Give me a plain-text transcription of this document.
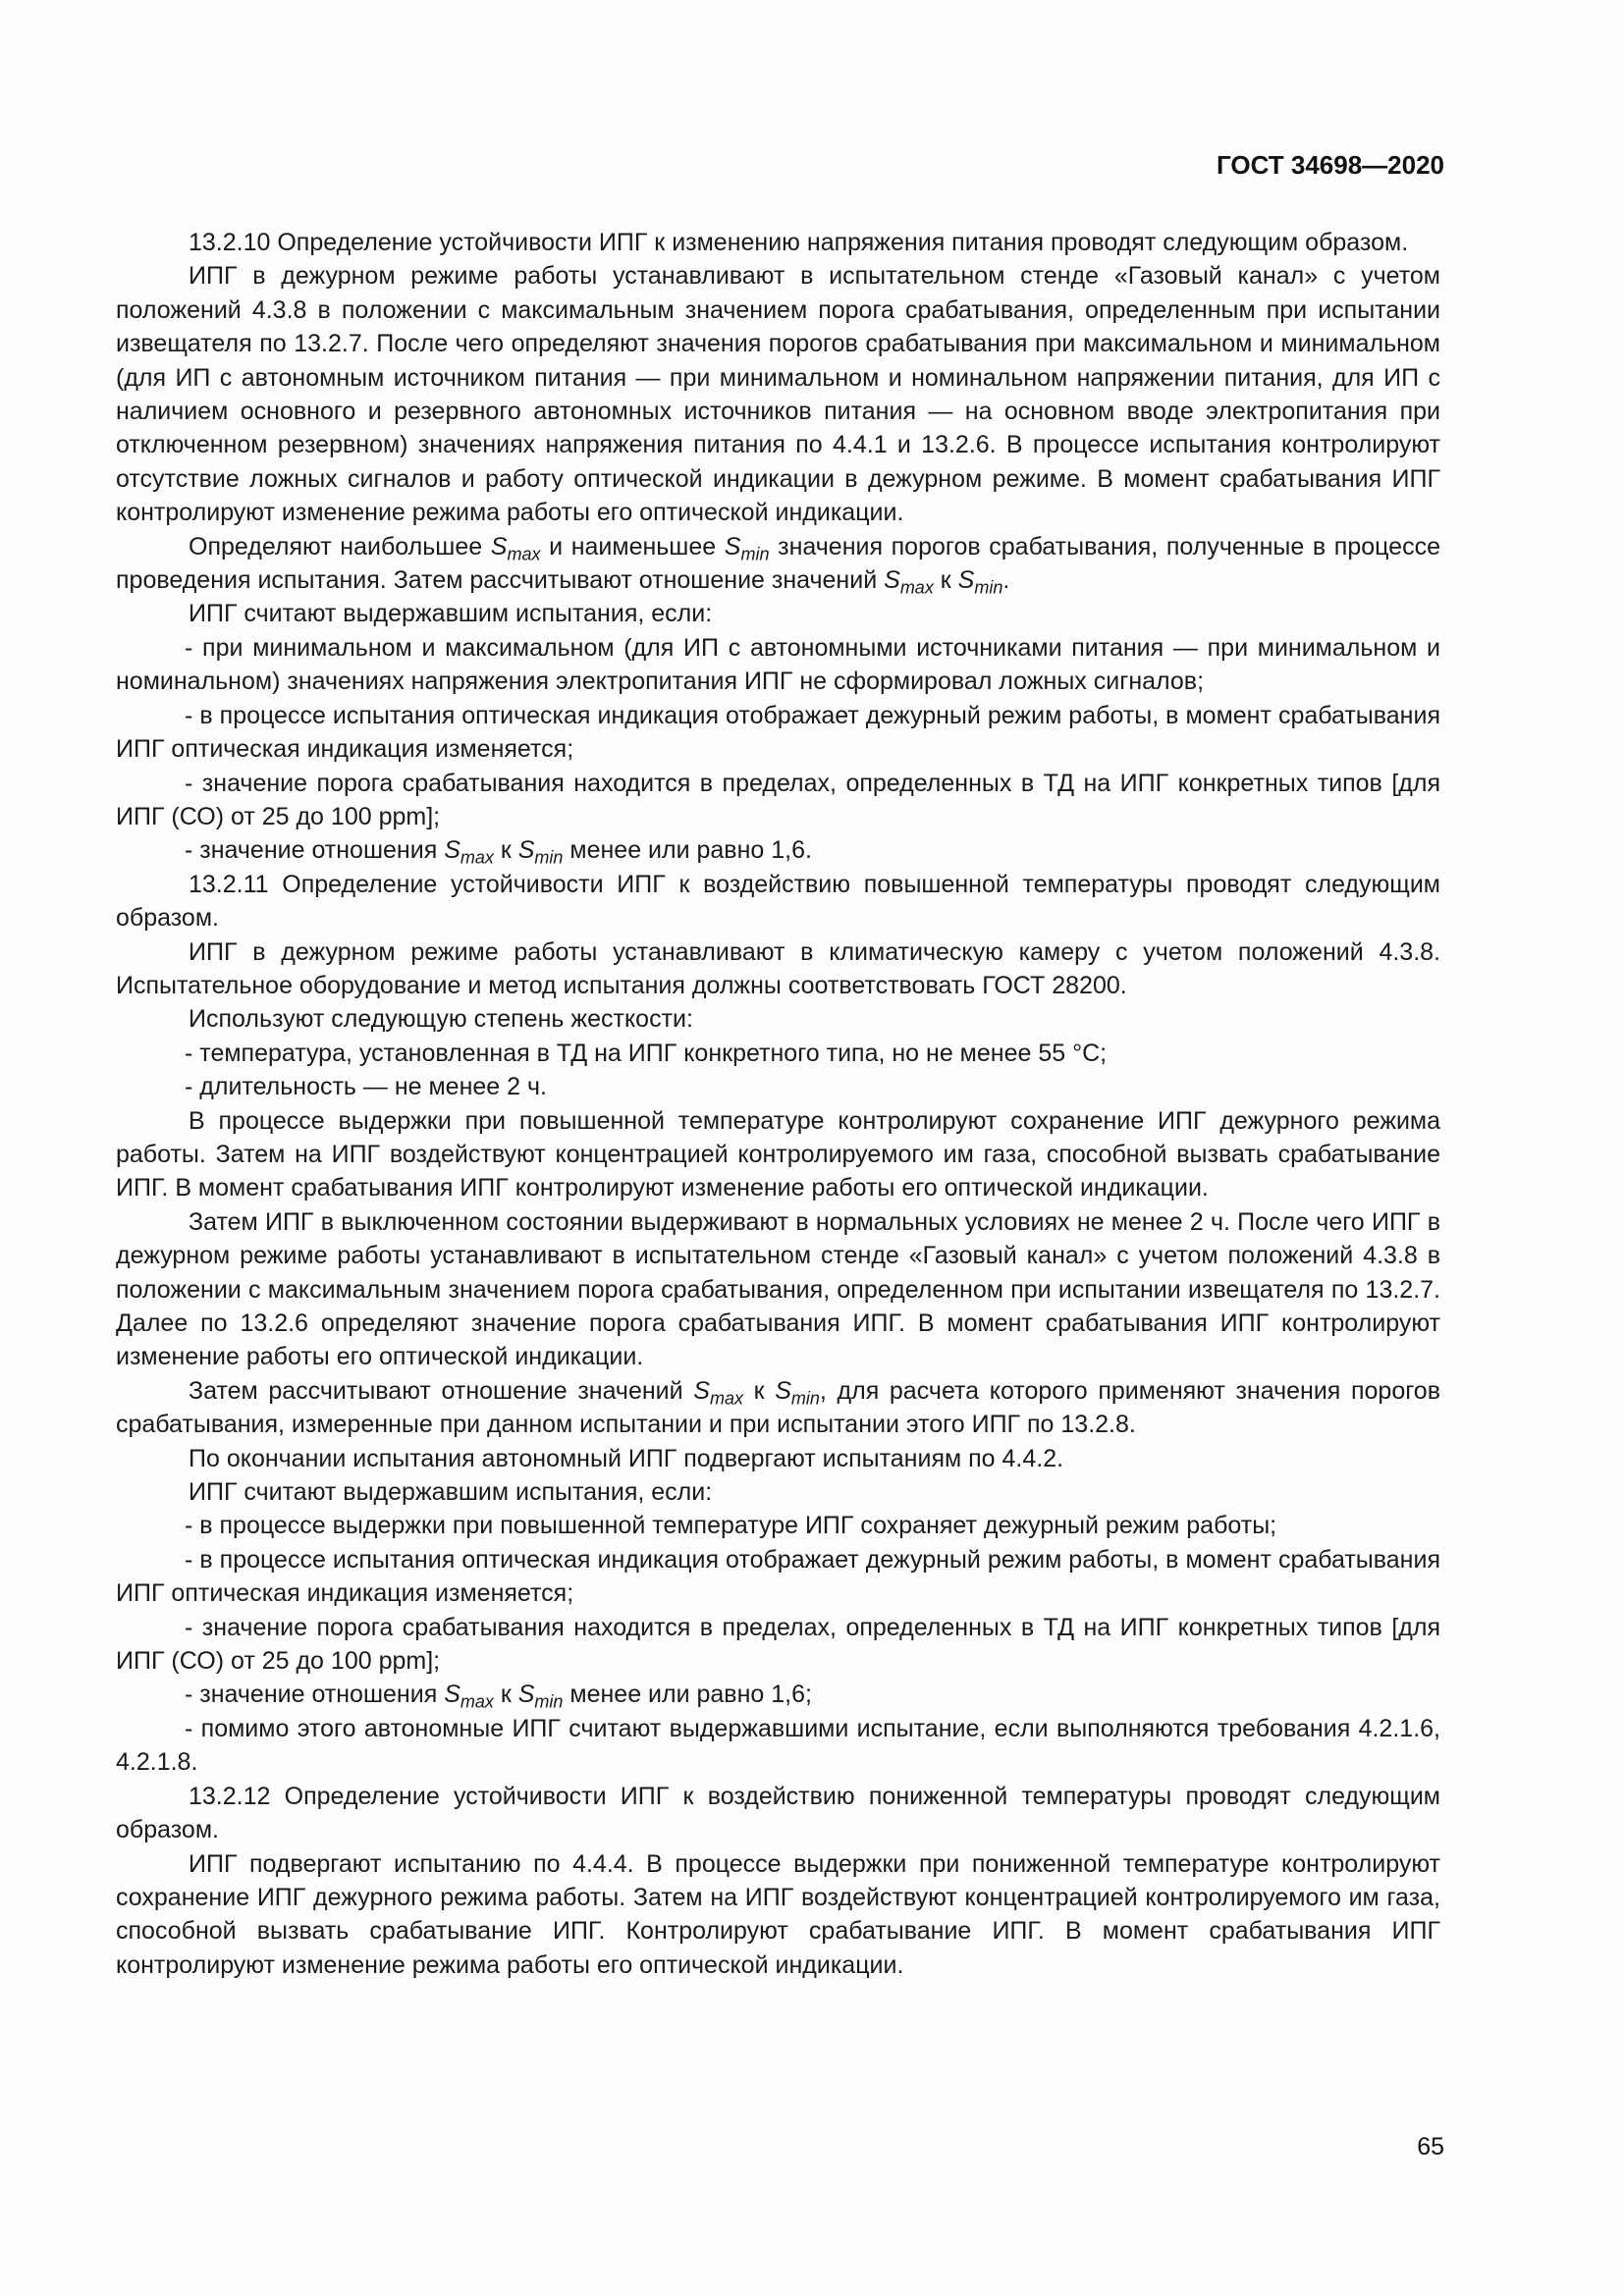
ГОСТ 34698—2020

13.2.10 Определение устойчивости ИПГ к изменению напряжения питания проводят следующим образом.

ИПГ в дежурном режиме работы устанавливают в испытательном стенде «Газовый канал» с учетом положений 4.3.8 в положении с максимальным значением порога срабатывания, определенным при испытании извещателя по 13.2.7. После чего определяют значения порогов срабатывания при максимальном и минимальном (для ИП с автономным источником питания — при минимальном и номинальном напряжении питания, для ИП с наличием основного и резервного автономных источников питания — на основном вводе электропитания при отключенном резервном) значениях напряжения питания по 4.4.1 и 13.2.6. В процессе испытания контролируют отсутствие ложных сигналов и работу оптической индикации в дежурном режиме. В момент срабатывания ИПГ контролируют изменение режима работы его оптической индикации.

Определяют наибольшее $S_{max}$ и наименьшее $S_{min}$ значения порогов срабатывания, полученные в процессе проведения испытания. Затем рассчитывают отношение значений $S_{max}$ к $S_{min}$.

ИПГ считают выдержавшим испытания, если:

- при минимальном и максимальном (для ИП с автономными источниками питания — при минимальном и номинальном) значениях напряжения электропитания ИПГ не сформировал ложных сигналов;

- в процессе испытания оптическая индикация отображает дежурный режим работы, в момент срабатывания ИПГ оптическая индикация изменяется;

- значение порога срабатывания находится в пределах, определенных в ТД на ИПГ конкретных типов [для ИПГ (СО) от 25 до 100 ppm];

- значение отношения $S_{max}$ к $S_{min}$ менее или равно 1,6.

13.2.11 Определение устойчивости ИПГ к воздействию повышенной температуры проводят следующим образом.

ИПГ в дежурном режиме работы устанавливают в климатическую камеру с учетом положений 4.3.8. Испытательное оборудование и метод испытания должны соответствовать ГОСТ 28200.

Используют следующую степень жесткости:

- температура, установленная в ТД на ИПГ конкретного типа, но не менее 55 °C;

- длительность — не менее 2 ч.

В процессе выдержки при повышенной температуре контролируют сохранение ИПГ дежурного режима работы. Затем на ИПГ воздействуют концентрацией контролируемого им газа, способной вызвать срабатывание ИПГ. В момент срабатывания ИПГ контролируют изменение работы его оптической индикации.

Затем ИПГ в выключенном состоянии выдерживают в нормальных условиях не менее 2 ч. После чего ИПГ в дежурном режиме работы устанавливают в испытательном стенде «Газовый канал» с учетом положений 4.3.8 в положении с максимальным значением порога срабатывания, определенном при испытании извещателя по 13.2.7. Далее по 13.2.6 определяют значение порога срабатывания ИПГ. В момент срабатывания ИПГ контролируют изменение работы его оптической индикации.

Затем рассчитывают отношение значений $S_{max}$ к $S_{min}$, для расчета которого применяют значения порогов срабатывания, измеренные при данном испытании и при испытании этого ИПГ по 13.2.8.

По окончании испытания автономный ИПГ подвергают испытаниям по 4.4.2.

ИПГ считают выдержавшим испытания, если:

- в процессе выдержки при повышенной температуре ИПГ сохраняет дежурный режим работы;

- в процессе испытания оптическая индикация отображает дежурный режим работы, в момент срабатывания ИПГ оптическая индикация изменяется;

- значение порога срабатывания находится в пределах, определенных в ТД на ИПГ конкретных типов [для ИПГ (СО) от 25 до 100 ppm];

- значение отношения $S_{max}$ к $S_{min}$ менее или равно 1,6;

- помимо этого автономные ИПГ считают выдержавшими испытание, если выполняются требования 4.2.1.6, 4.2.1.8.

13.2.12 Определение устойчивости ИПГ к воздействию пониженной температуры проводят следующим образом.

ИПГ подвергают испытанию по 4.4.4. В процессе выдержки при пониженной температуре контролируют сохранение ИПГ дежурного режима работы. Затем на ИПГ воздействуют концентрацией контролируемого им газа, способной вызвать срабатывание ИПГ. Контролируют срабатывание ИПГ. В момент срабатывания ИПГ контролируют изменение режима работы его оптической индикации.

65
